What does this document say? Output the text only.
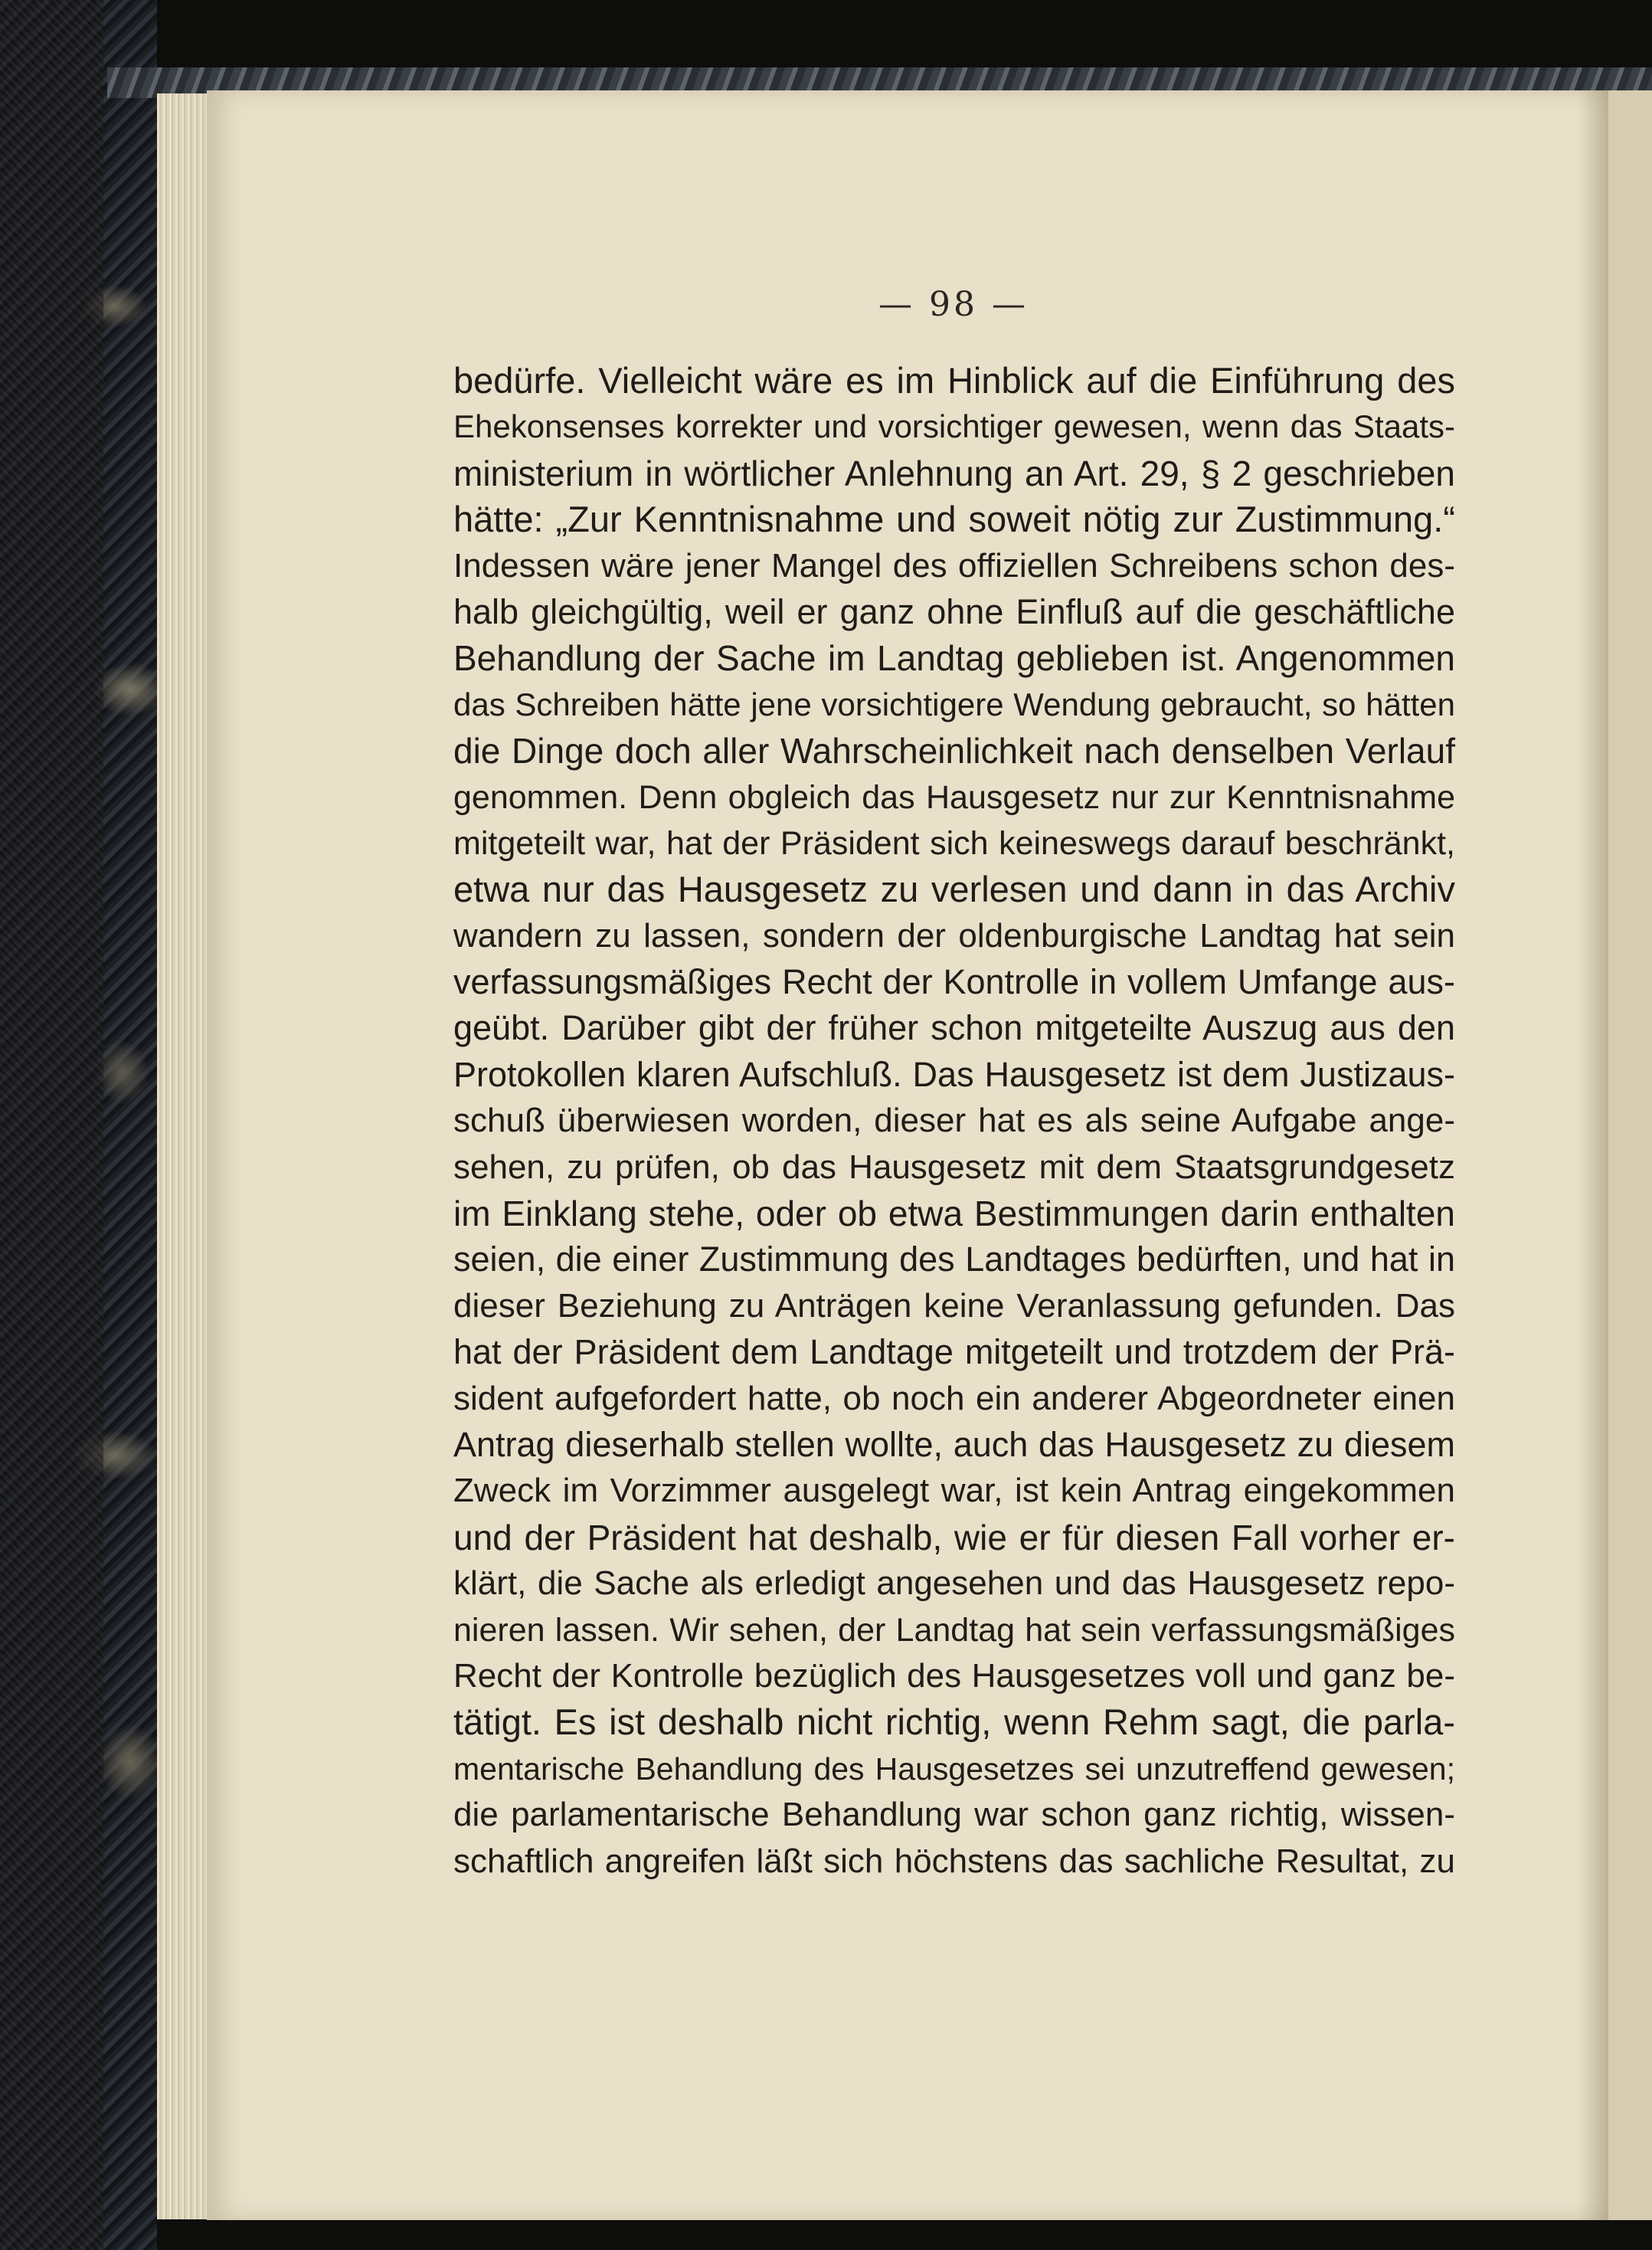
— 98 —
bedürfe. Vielleicht wäre es im Hinblick auf die Einführung des
Ehekonsenses korrekter und vorsichtiger gewesen, wenn das Staats-
ministerium in wörtlicher Anlehnung an Art. 29, § 2 geschrieben
hätte: „Zur Kenntnisnahme und soweit nötig zur Zustimmung.“
Indessen wäre jener Mangel des offiziellen Schreibens schon des-
halb gleichgültig, weil er ganz ohne Einfluß auf die geschäftliche
Behandlung der Sache im Landtag geblieben ist. Angenommen
das Schreiben hätte jene vorsichtigere Wendung gebraucht, so hätten
die Dinge doch aller Wahrscheinlichkeit nach denselben Verlauf
genommen. Denn obgleich das Hausgesetz nur zur Kenntnisnahme
mitgeteilt war, hat der Präsident sich keineswegs darauf beschränkt,
etwa nur das Hausgesetz zu verlesen und dann in das Archiv
wandern zu lassen, sondern der oldenburgische Landtag hat sein
verfassungsmäßiges Recht der Kontrolle in vollem Umfange aus-
geübt. Darüber gibt der früher schon mitgeteilte Auszug aus den
Protokollen klaren Aufschluß. Das Hausgesetz ist dem Justizaus-
schuß überwiesen worden, dieser hat es als seine Aufgabe ange-
sehen, zu prüfen, ob das Hausgesetz mit dem Staatsgrundgesetz
im Einklang stehe, oder ob etwa Bestimmungen darin enthalten
seien, die einer Zustimmung des Landtages bedürften, und hat in
dieser Beziehung zu Anträgen keine Veranlassung gefunden. Das
hat der Präsident dem Landtage mitgeteilt und trotzdem der Prä-
sident aufgefordert hatte, ob noch ein anderer Abgeordneter einen
Antrag dieserhalb stellen wollte, auch das Hausgesetz zu diesem
Zweck im Vorzimmer ausgelegt war, ist kein Antrag eingekommen
und der Präsident hat deshalb, wie er für diesen Fall vorher er-
klärt, die Sache als erledigt angesehen und das Hausgesetz repo-
nieren lassen. Wir sehen, der Landtag hat sein verfassungsmäßiges
Recht der Kontrolle bezüglich des Hausgesetzes voll und ganz be-
tätigt. Es ist deshalb nicht richtig, wenn Rehm sagt, die parla-
mentarische Behandlung des Hausgesetzes sei unzutreffend gewesen;
die parlamentarische Behandlung war schon ganz richtig, wissen-
schaftlich angreifen läßt sich höchstens das sachliche Resultat, zu
